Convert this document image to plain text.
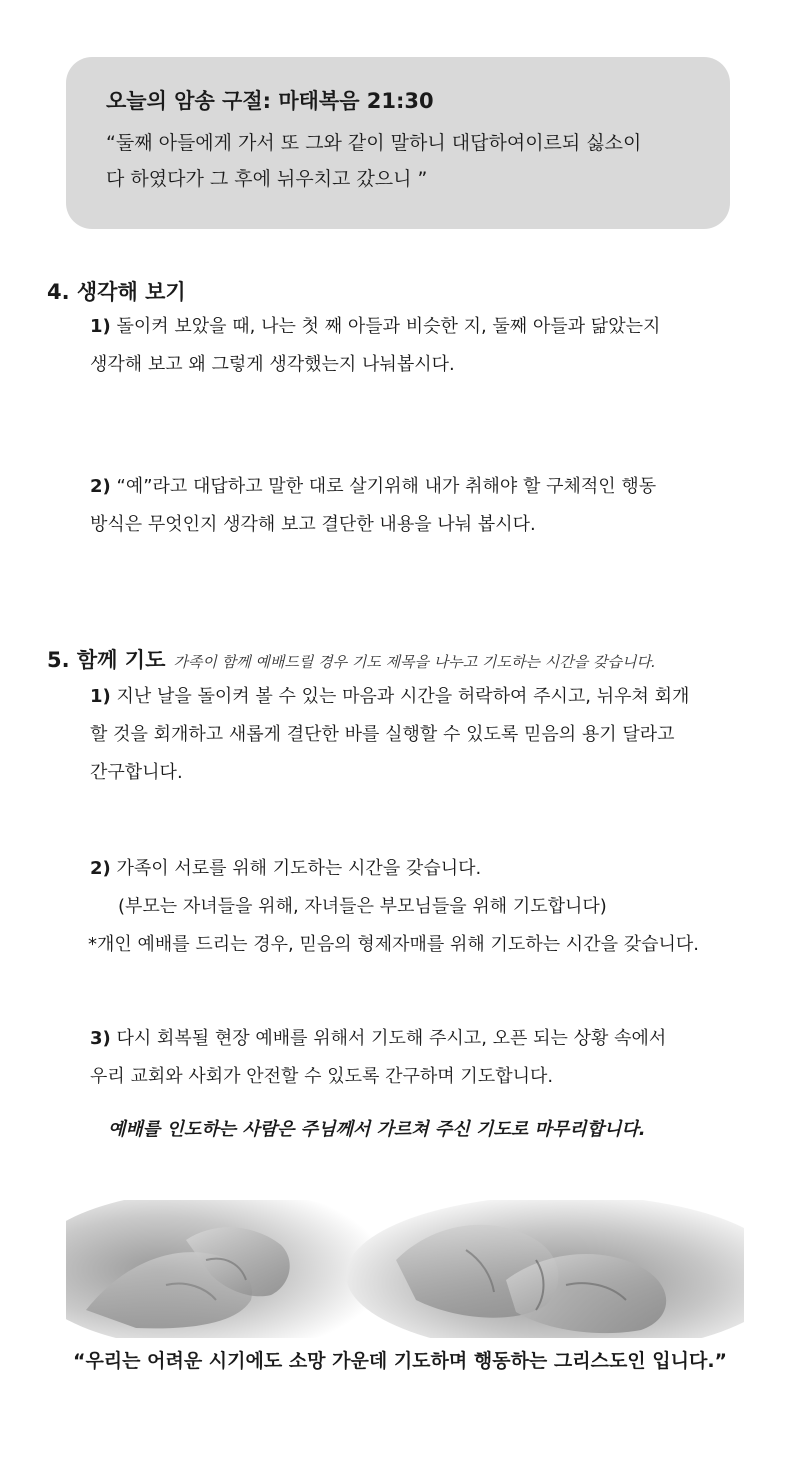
오늘의 암송 구절: 마태복음 21:30

“둘째 아들에게 가서 또 그와 같이 말하니 대답하여이르되 싫소이
다 하였다가 그 후에 뉘우치고 갔으니 ”

4. 생각해 보기
1) 돌이켜 보았을 때, 나는 첫 째 아들과 비슷한 지, 둘째 아들과 닮았는지
생각해 보고 왜 그렇게 생각했는지 나눠봅시다.
2) “예”라고 대답하고 말한 대로 살기위해 내가 취해야 할 구체적인 행동
방식은 무엇인지 생각해 보고 결단한 내용을 나눠 봅시다.
5. 함께 기도 가족이 함께 예배드릴 경우 기도 제목을 나누고 기도하는 시간을 갖습니다.
1) 지난 날을 돌이켜 볼 수 있는 마음과 시간을 허락하여 주시고, 뉘우쳐 회개
할 것을 회개하고 새롭게 결단한 바를 실행할 수 있도록 믿음의 용기 달라고
간구합니다.
2) 가족이 서로를 위해 기도하는 시간을 갖습니다.
(부모는 자녀들을 위해, 자녀들은 부모님들을 위해 기도합니다)
*개인 예배를 드리는 경우, 믿음의 형제자매를 위해 기도하는 시간을 갖습니다.
3) 다시 회복될 현장 예배를 위해서 기도해 주시고, 오픈 되는 상황 속에서
우리 교회와 사회가 안전할 수 있도록 간구하며 기도합니다.
예배를 인도하는 사람은 주님께서 가르쳐 주신 기도로 마무리합니다.
“우리는 어려운 시기에도 소망 가운데 기도하며 행동하는 그리스도인 입니다.”
